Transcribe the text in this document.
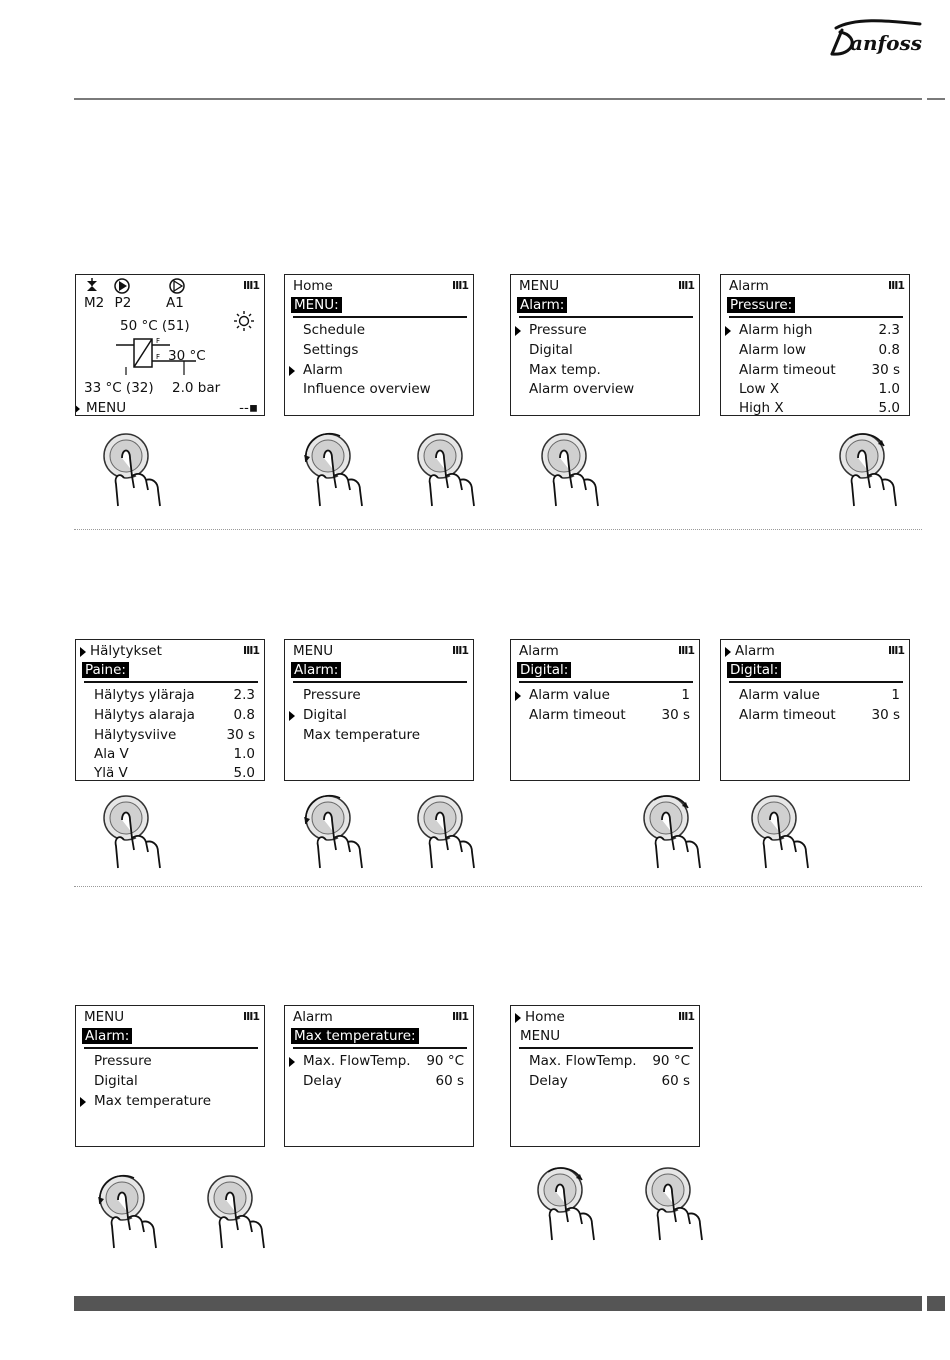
anfoss
Ⅲ1
M2 P2	A1
50 °C (51)
F
F 30 °C
33 °C (32)	2.0 bar
MENU	--▪
Home	Ⅲ1
MENU:
Schedule
Settings
Alarm
Influence overview
MENU	Ⅲ1
Alarm:
Pressure
Digital
Max temp.
Alarm overview
Alarm	Ⅲ1
Pressure:
Alarm high	2.3
Alarm low	0.8
Alarm timeout	30 s
Low X	1.0
High X	5.0
Hälytykset	Ⅲ1
Paine:
Hälytys yläraja	2.3
Hälytys alaraja	0.8
Hälytysviive	30 s
Ala V	1.0
Ylä V	5.0
MENU	Ⅲ1
Alarm:
Pressure
Digital
Max temperature
Alarm	Ⅲ1
Digital:
Alarm value	1
Alarm timeout	30 s
Alarm	Ⅲ1
Digital:
Alarm value	1
Alarm timeout	30 s
MENU	Ⅲ1
Alarm:
Pressure
Digital
Max temperature
Alarm	Ⅲ1
Max temperature:
Max. FlowTemp. 90 °C
Delay	60 s
Home	Ⅲ1
MENU
Max. FlowTemp. 90 °C
Delay	60 s
